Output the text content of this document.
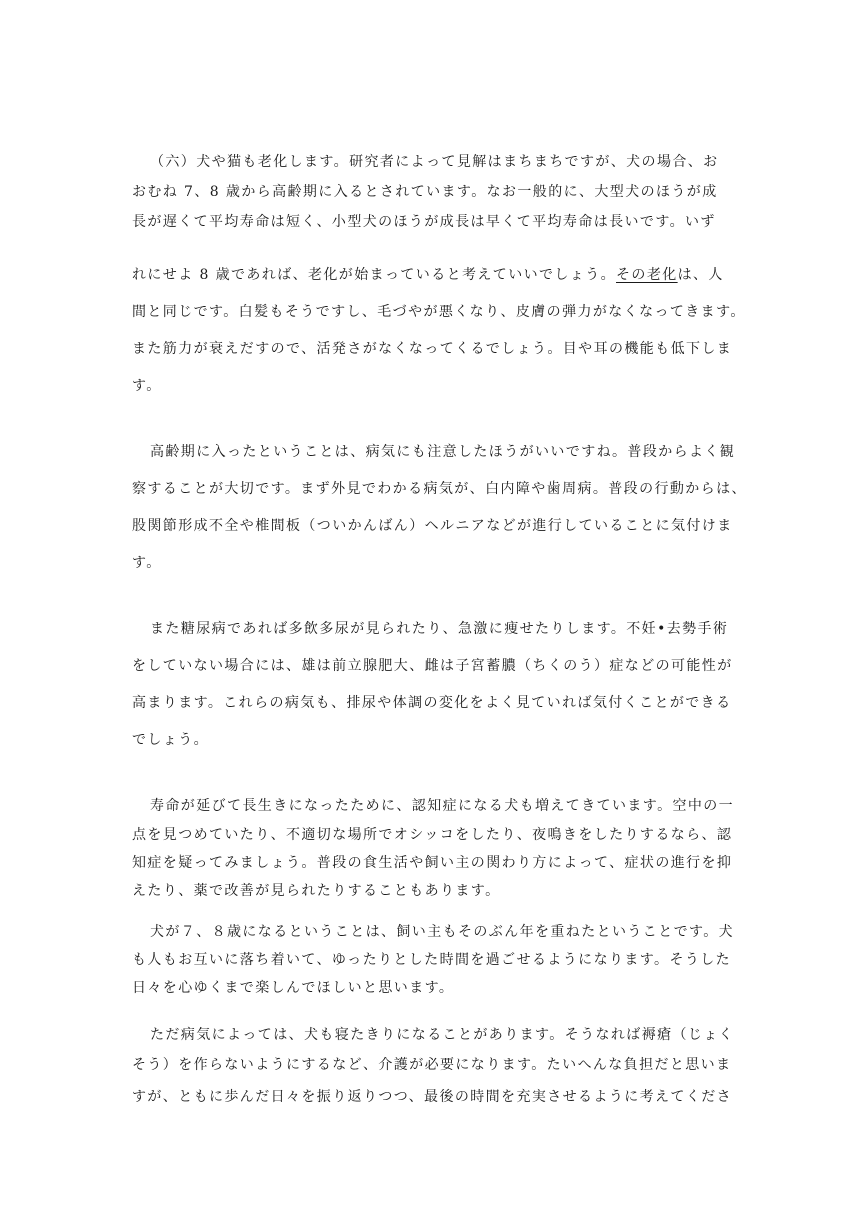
（六）犬や猫も老化します。研究者によって見解はまちまちですが、犬の場合、お
おむね 7、8 歳から高齢期に入るとされています。なお一般的に、大型犬のほうが成
長が遅くて平均寿命は短く、小型犬のほうが成長は早くて平均寿命は長いです。いず
れにせよ 8 歳であれば、老化が始まっていると考えていいでしょう。その老化は、人
間と同じです。白髪もそうですし、毛づやが悪くなり、皮膚の弾力がなくなってきます。
また筋力が衰えだすので、活発さがなくなってくるでしょう。目や耳の機能も低下しま
す。
高齢期に入ったということは、病気にも注意したほうがいいですね。普段からよく観
察することが大切です。まず外見でわかる病気が、白内障や歯周病。普段の行動からは、
股関節形成不全や椎間板（ついかんばん）ヘルニアなどが進行していることに気付けま
す。
また糖尿病であれば多飲多尿が見られたり、急激に痩せたりします。不妊•去勢手術
をしていない場合には、雄は前立腺肥大、雌は子宮蓄膿（ちくのう）症などの可能性が
高まります。これらの病気も、排尿や体調の変化をよく見ていれば気付くことができる
でしょう。
寿命が延びて長生きになったために、認知症になる犬も増えてきています。空中の一
点を見つめていたり、不適切な場所でオシッコをしたり、夜鳴きをしたりするなら、認
知症を疑ってみましょう。普段の食生活や飼い主の関わり方によって、症状の進行を抑
えたり、薬で改善が見られたりすることもあります。
犬が７、８歳になるということは、飼い主もそのぶん年を重ねたということです。犬
も人もお互いに落ち着いて、ゆったりとした時間を過ごせるようになります。そうした
日々を心ゆくまで楽しんでほしいと思います。
ただ病気によっては、犬も寝たきりになることがあります。そうなれば褥瘡（じょく
そう）を作らないようにするなど、介護が必要になります。たいへんな負担だと思いま
すが、ともに歩んだ日々を振り返りつつ、最後の時間を充実させるように考えてくださ
